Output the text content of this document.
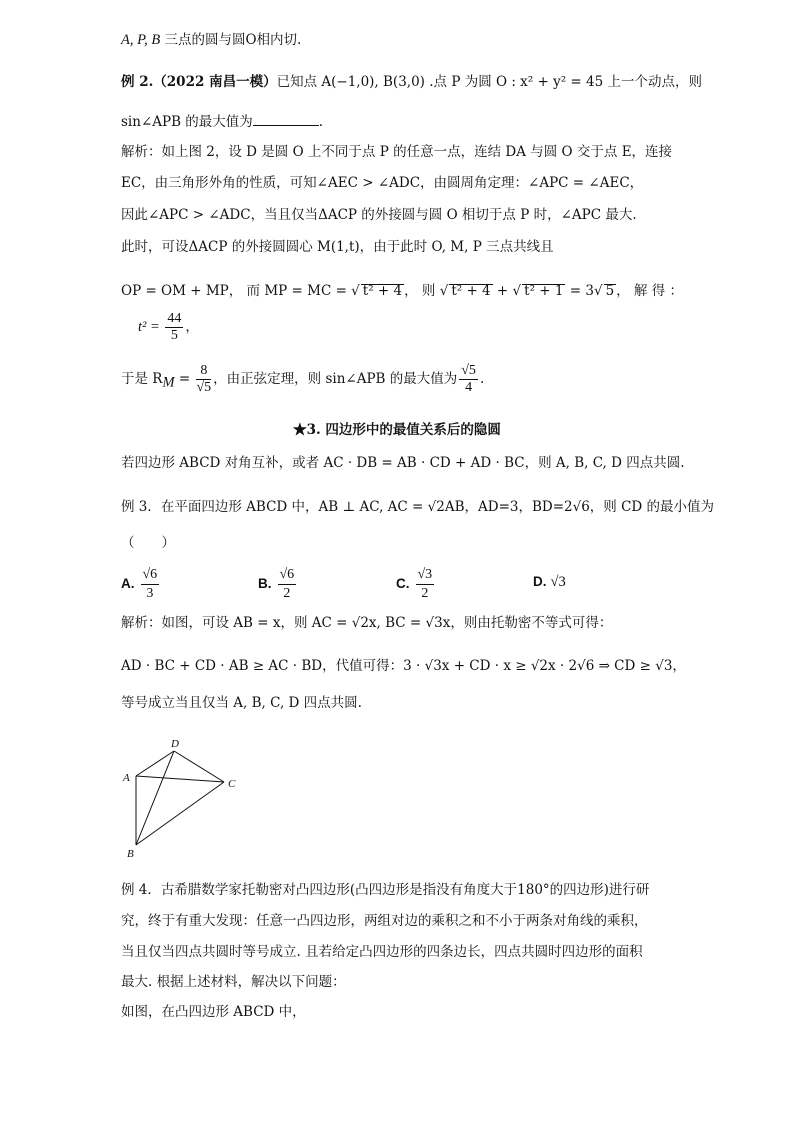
A, P, B 三点的圆与圆O相内切.
例 2.（2022 南昌一模）已知点 A(−1,0), B(3,0) .点 P 为圆 O : x² + y² = 45 上一个动点，则
sin∠APB 的最大值为	.
解析：如上图 2，设 D 是圆 O 上不同于点 P 的任意一点，连结 DA 与圆 O 交于点 E，连接
EC，由三角形外角的性质，可知∠AEC > ∠ADC，由圆周角定理：∠APC = ∠AEC，
因此∠APC > ∠ADC，当且仅当ΔACP 的外接圆与圆 O 相切于点 P 时，∠APC 最大.
此时，可设ΔACP 的外接圆圆心 M(1,t)，由于此时 O, M, P 三点共线且
OP = OM + MP， 而 MP = MC = √ t² + 4 ， 则 √ t² + 4 + √ t² + 1 = 3√ 5 ， 解 得 ：
$t^2 = \frac{44}{5}$ ，
于是 $R_M = \frac{8}{√5}$ ，由正弦定理，则 sin∠APB 的最大值为 $\frac{√5}{4}$ .
★3. 四边形中的最值关系后的隐圆
若四边形 ABCD 对角互补，或者 AC · DB = AB · CD + AD · BC，则 A, B, C, D 四点共圆.
例 3．在平面四边形 ABCD 中，AB ⊥ AC, AC = √2AB，AD=3，BD=2√6，则 CD 的最小值为
（　　）
A. $\frac{√6}{3}$	B. $\frac{√6}{2}$	C. $\frac{√3}{2}$	D. √3
解析：如图，可设 AB = x，则 AC = √2x, BC = √3x，则由托勒密不等式可得：
AD · BC + CD · AB ≥ AC · BD，代值可得：3 · √3x + CD · x ≥ √2x · 2√6 ⇒ CD ≥ √3，
等号成立当且仅当 A, B, C, D 四点共圆.
A
D
C
B
例 4．古希腊数学家托勒密对凸四边形(凸四边形是指没有角度大于180°的四边形)进行研
究，终于有重大发现：任意一凸四边形，两组对边的乘积之和不小于两条对角线的乘积，
当且仅当四点共圆时等号成立. 且若给定凸四边形的四条边长，四点共圆时四边形的面积
最大. 根据上述材料，解决以下问题：
如图，在凸四边形 ABCD 中，
